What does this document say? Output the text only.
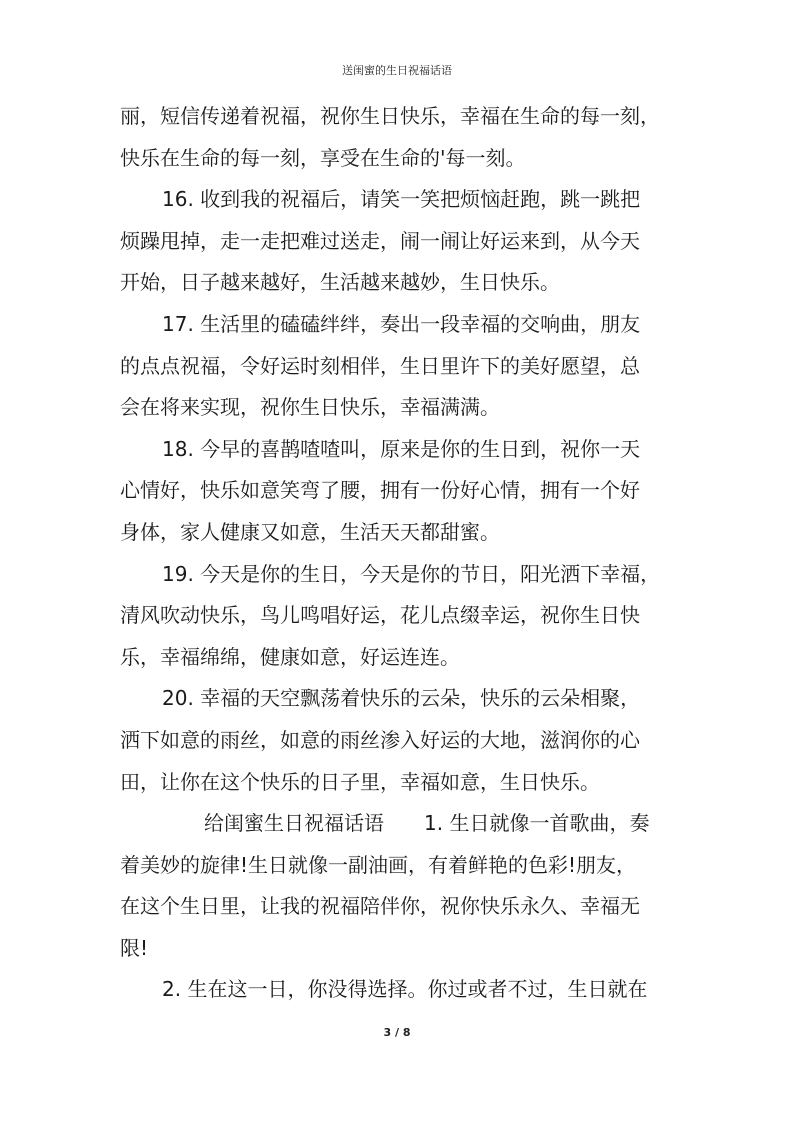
送闺蜜的生日祝福话语
丽，短信传递着祝福，祝你生日快乐，幸福在生命的每一刻，
快乐在生命的每一刻，享受在生命的'每一刻。
16. 收到我的祝福后，请笑一笑把烦恼赶跑，跳一跳把
烦躁甩掉，走一走把难过送走，闹一闹让好运来到，从今天
开始，日子越来越好，生活越来越妙，生日快乐。
17. 生活里的磕磕绊绊，奏出一段幸福的交响曲，朋友
的点点祝福，令好运时刻相伴，生日里许下的美好愿望，总
会在将来实现，祝你生日快乐，幸福满满。
18. 今早的喜鹊喳喳叫，原来是你的生日到，祝你一天
心情好，快乐如意笑弯了腰，拥有一份好心情，拥有一个好
身体，家人健康又如意，生活天天都甜蜜。
19. 今天是你的生日，今天是你的节日，阳光洒下幸福，
清风吹动快乐，鸟儿鸣唱好运，花儿点缀幸运，祝你生日快
乐，幸福绵绵，健康如意，好运连连。
20. 幸福的天空飘荡着快乐的云朵，快乐的云朵相聚，
洒下如意的雨丝，如意的雨丝渗入好运的大地，滋润你的心
田，让你在这个快乐的日子里，幸福如意，生日快乐。
给闺蜜生日祝福话语　　1. 生日就像一首歌曲，奏
着美妙的旋律!生日就像一副油画，有着鲜艳的色彩!朋友，
在这个生日里，让我的祝福陪伴你，祝你快乐永久、幸福无
限!
2. 生在这一日，你没得选择。你过或者不过，生日就在
3 / 8
